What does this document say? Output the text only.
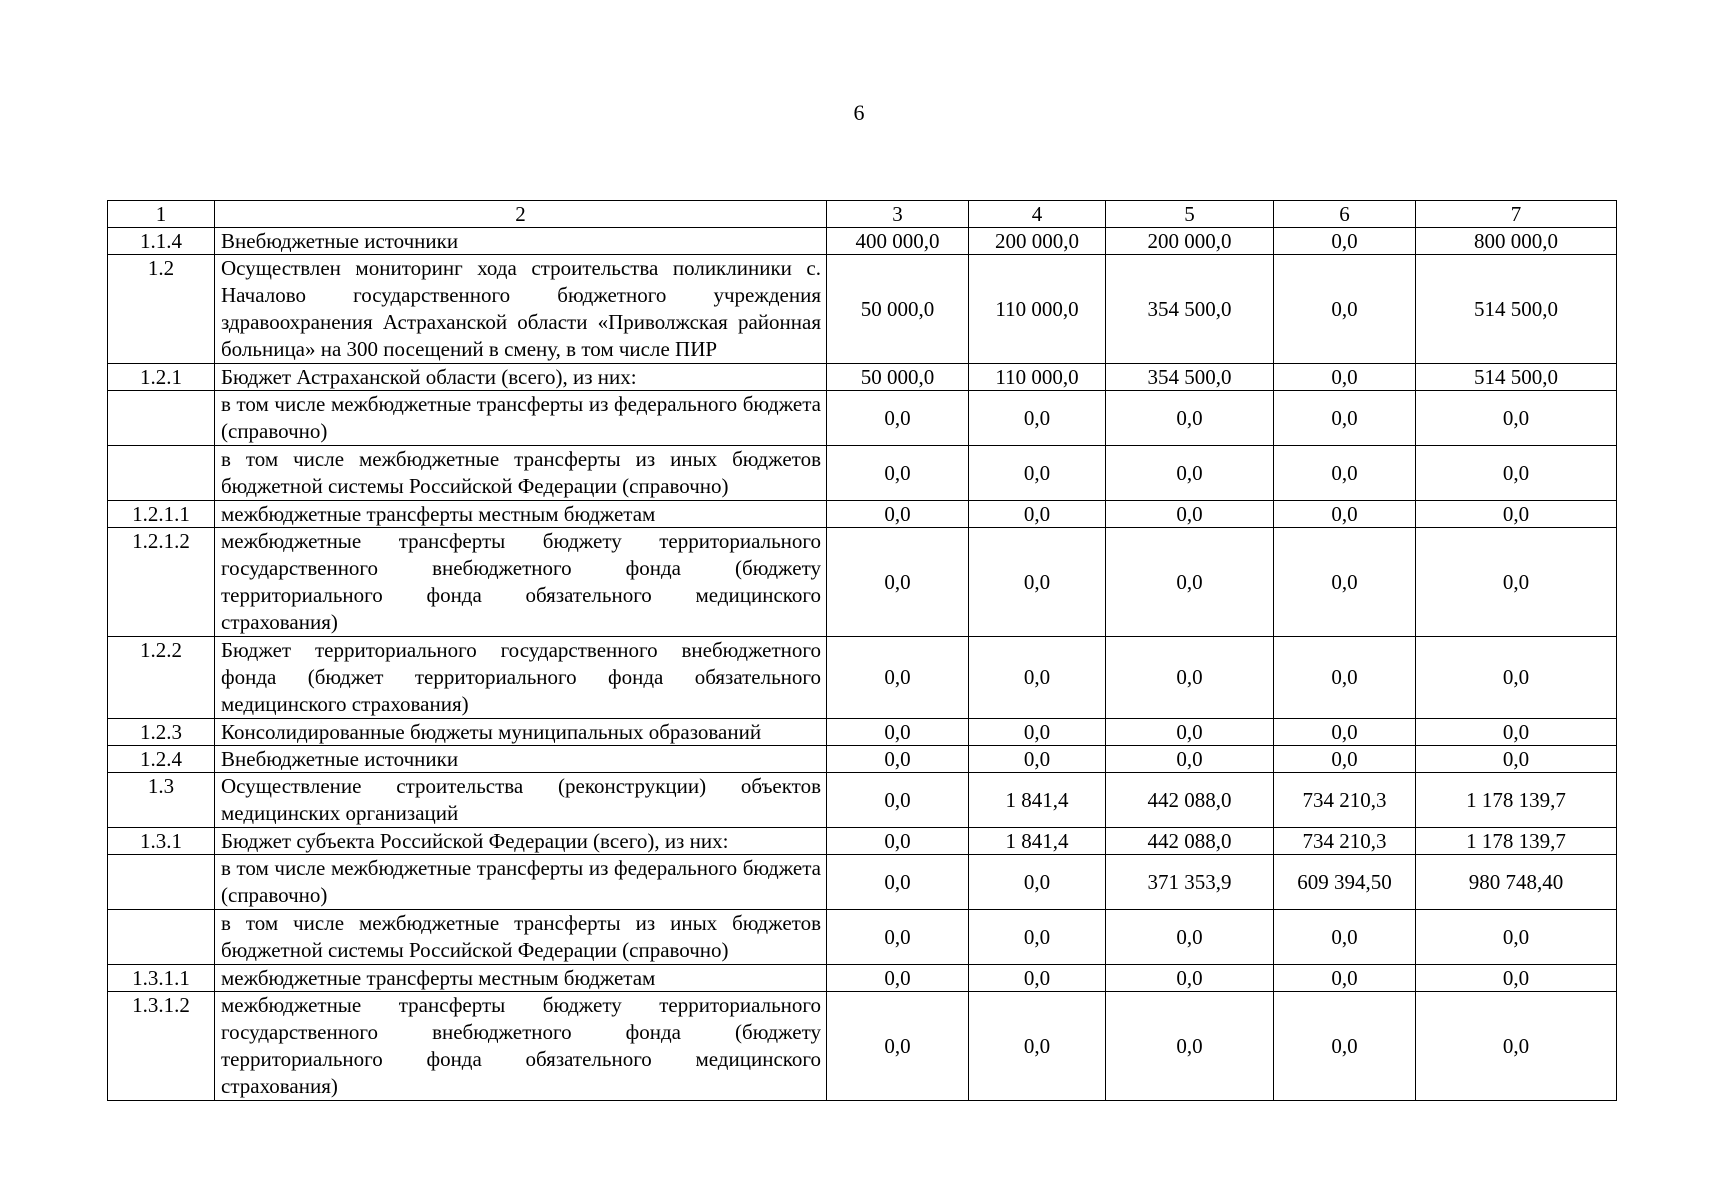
6
1	2	3	4	5	6	7
1.1.4	Внебюджетные источники	400 000,0	200 000,0	200 000,0	0,0	800 000,0
1.2	Осуществлен мониторинг хода строительства поликлиники с. Началово государственного бюджетного учреждения здравоохранения Астраханской области «Приволжская районная больница» на 300 посещений в смену, в том числе ПИР	50 000,0	110 000,0	354 500,0	0,0	514 500,0
1.2.1	Бюджет Астраханской области (всего), из них:	50 000,0	110 000,0	354 500,0	0,0	514 500,0
	в том числе межбюджетные трансферты из федерального бюджета (справочно)	0,0	0,0	0,0	0,0	0,0
	в том числе межбюджетные трансферты из иных бюджетов бюджетной системы Российской Федерации (справочно)	0,0	0,0	0,0	0,0	0,0
1.2.1.1	межбюджетные трансферты местным бюджетам	0,0	0,0	0,0	0,0	0,0
1.2.1.2	межбюджетные трансферты бюджету территориального государственного внебюджетного фонда (бюджету территориального фонда обязательного медицинского страхования)	0,0	0,0	0,0	0,0	0,0
1.2.2	Бюджет территориального государственного внебюджетного фонда (бюджет территориального фонда обязательного медицинского страхования)	0,0	0,0	0,0	0,0	0,0
1.2.3	Консолидированные бюджеты муниципальных образований	0,0	0,0	0,0	0,0	0,0
1.2.4	Внебюджетные источники	0,0	0,0	0,0	0,0	0,0
1.3	Осуществление строительства (реконструкции) объектов медицинских организаций	0,0	1 841,4	442 088,0	734 210,3	1 178 139,7
1.3.1	Бюджет субъекта Российской Федерации (всего), из них:	0,0	1 841,4	442 088,0	734 210,3	1 178 139,7
	в том числе межбюджетные трансферты из федерального бюджета (справочно)	0,0	0,0	371 353,9	609 394,50	980 748,40
	в том числе межбюджетные трансферты из иных бюджетов бюджетной системы Российской Федерации (справочно)	0,0	0,0	0,0	0,0	0,0
1.3.1.1	межбюджетные трансферты местным бюджетам	0,0	0,0	0,0	0,0	0,0
1.3.1.2	межбюджетные трансферты бюджету территориального государственного внебюджетного фонда (бюджету территориального фонда обязательного медицинского страхования)	0,0	0,0	0,0	0,0	0,0
